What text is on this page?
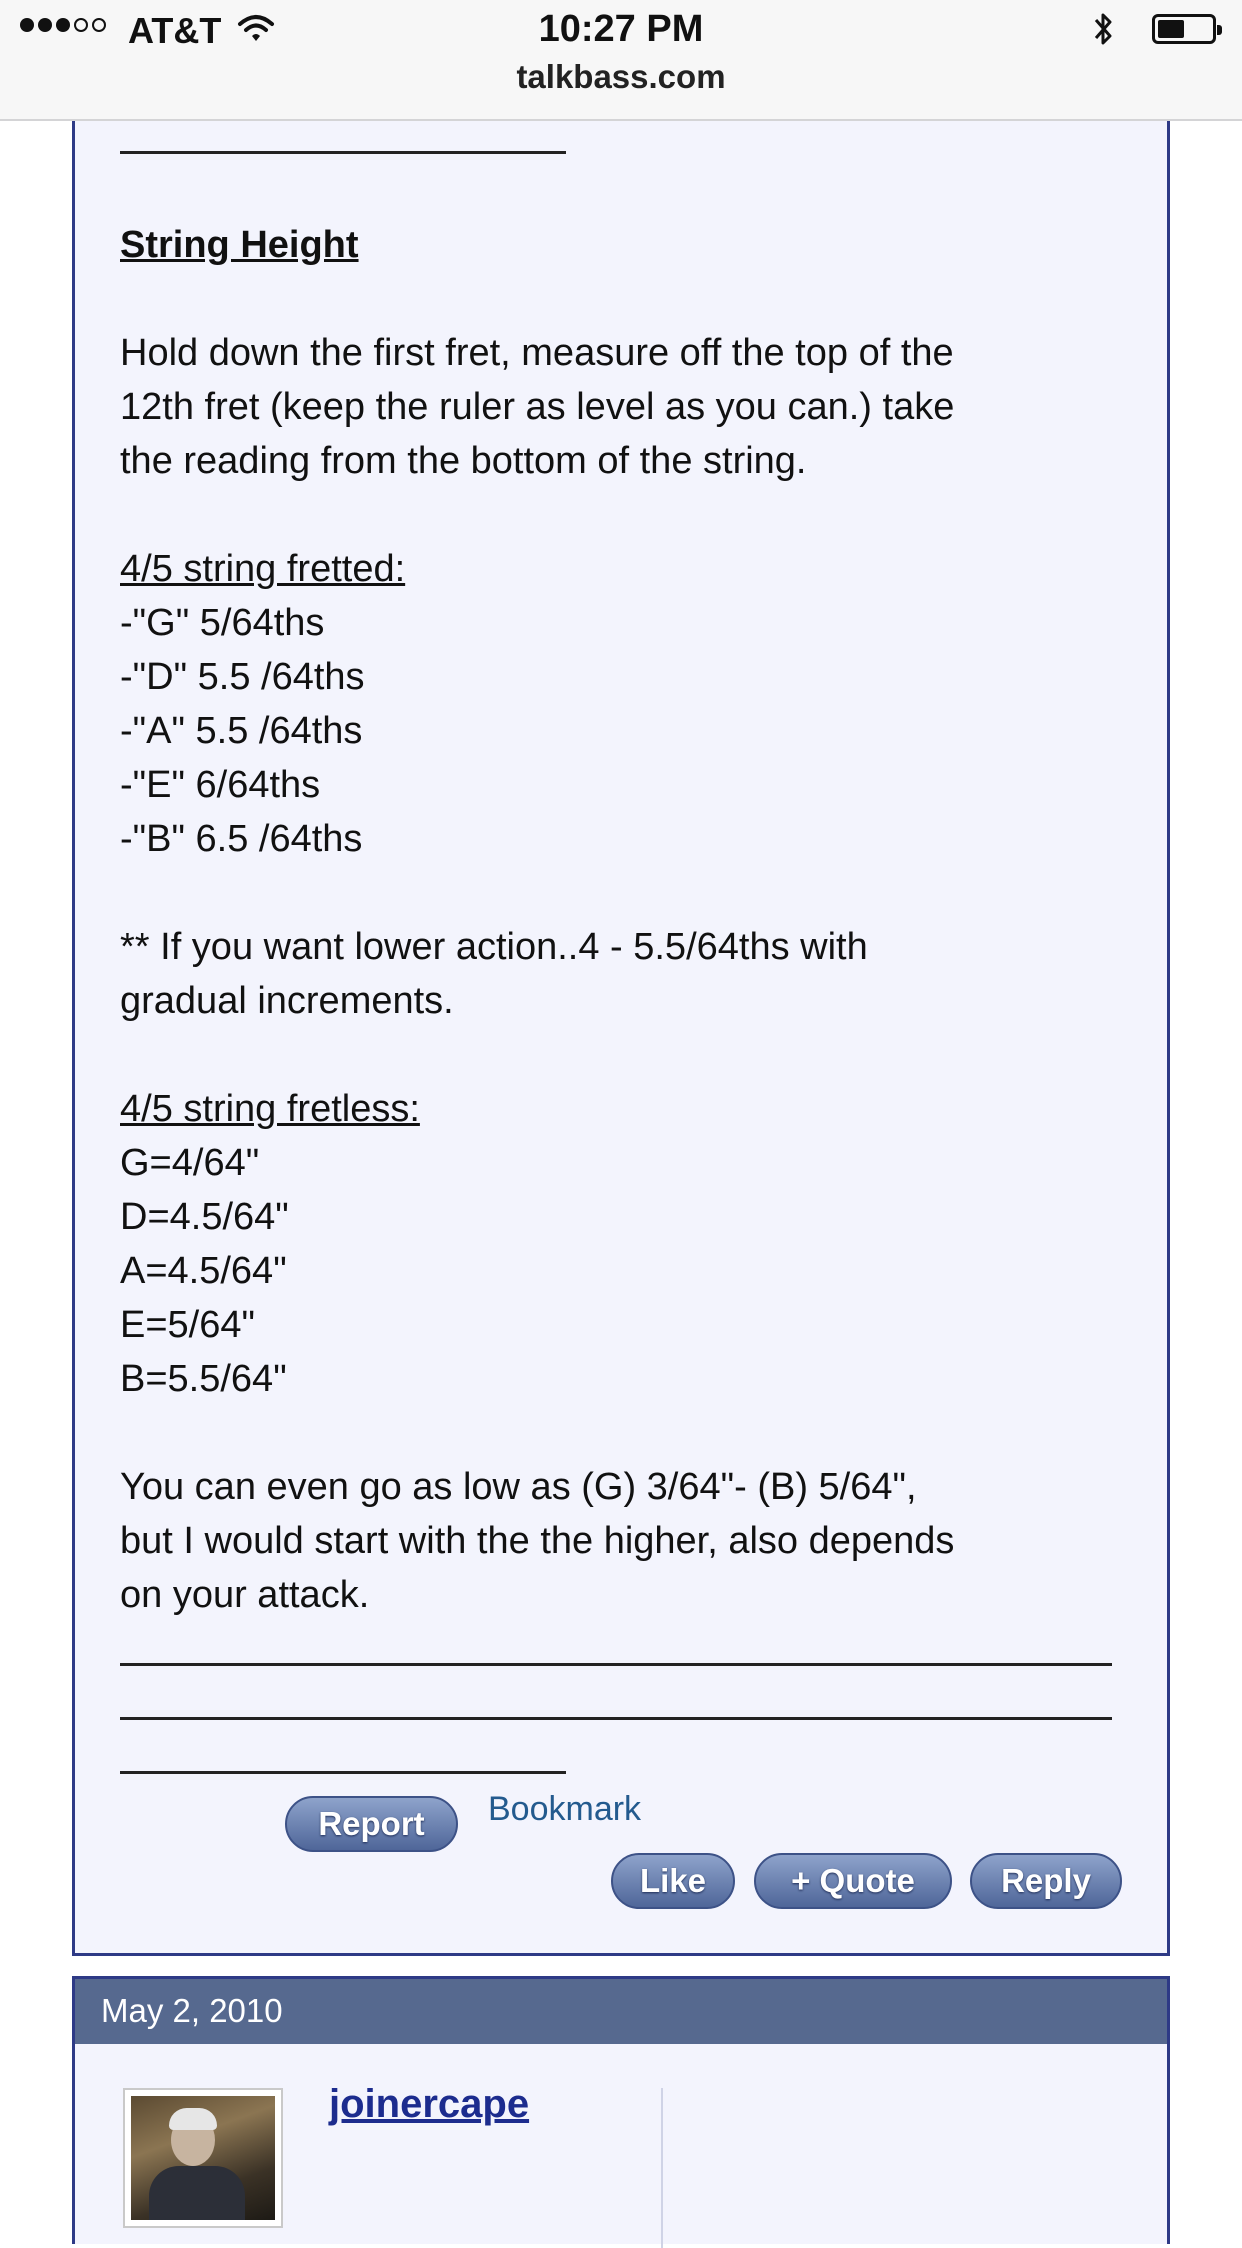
AT&T	10:27 PM
talkbass.com
String Height
Hold down the first fret, measure off the top of the
12th fret (keep the ruler as level as you can.) take
the reading from the bottom of the string.
4/5 string fretted:
-"G" 5/64ths
-"D" 5.5 /64ths
-"A" 5.5 /64ths
-"E" 6/64ths
-"B" 6.5 /64ths
** If you want lower action..4 - 5.5/64ths with
gradual increments.
4/5 string fretless:
G=4/64"
D=4.5/64"
A=4.5/64"
E=5/64"
B=5.5/64"
You can even go as low as (G) 3/64"- (B) 5/64",
but I would start with the the higher, also depends
on your attack.
Report	Bookmark
Like	+ Quote	Reply
May 2, 2010
joinercape
